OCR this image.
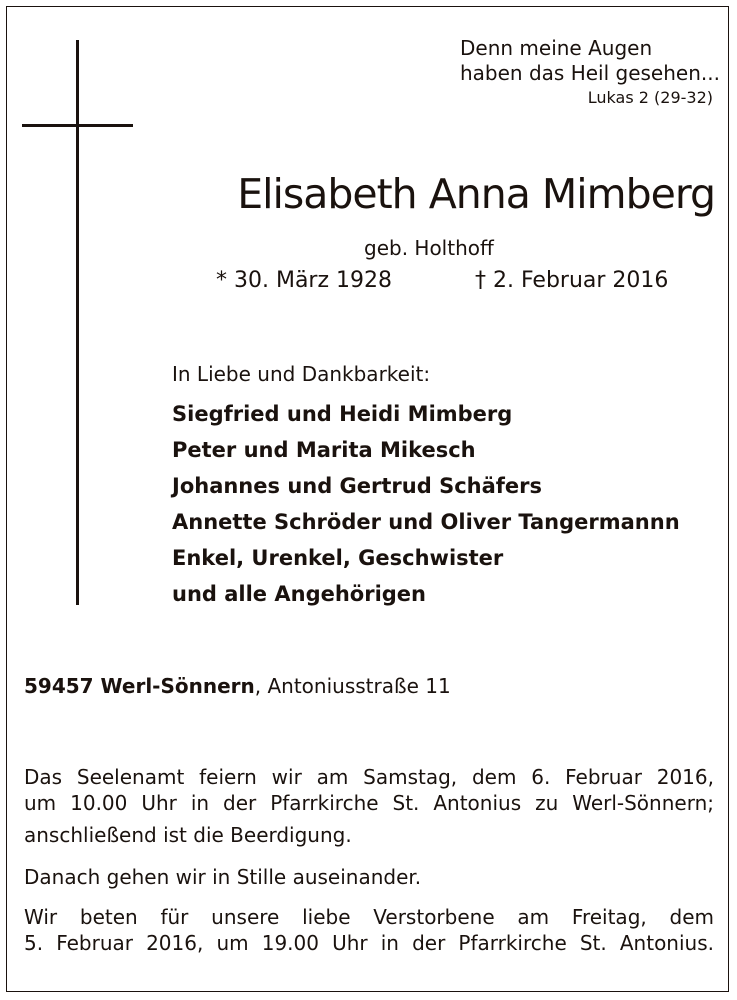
Denn meine Augen
haben das Heil gesehen...
Lukas 2 (29-32)
Elisabeth Anna Mimberg
geb. Holthoff
* 30. März 1928	† 2. Februar 2016
In Liebe und Dankbarkeit:
Siegfried und Heidi Mimberg
Peter und Marita Mikesch
Johannes und Gertrud Schäfers
Annette Schröder und Oliver Tangermannn
Enkel, Urenkel, Geschwister
und alle Angehörigen
59457 Werl-Sönnern, Antoniusstraße 11
Das Seelenamt feiern wir am Samstag, dem 6. Februar 2016,
um 10.00 Uhr in der Pfarrkirche St. Antonius zu Werl-Sönnern;
anschließend ist die Beerdigung.
Danach gehen wir in Stille auseinander.
Wir beten für unsere liebe Verstorbene am Freitag, dem
5. Februar 2016, um 19.00 Uhr in der Pfarrkirche St. Antonius.
